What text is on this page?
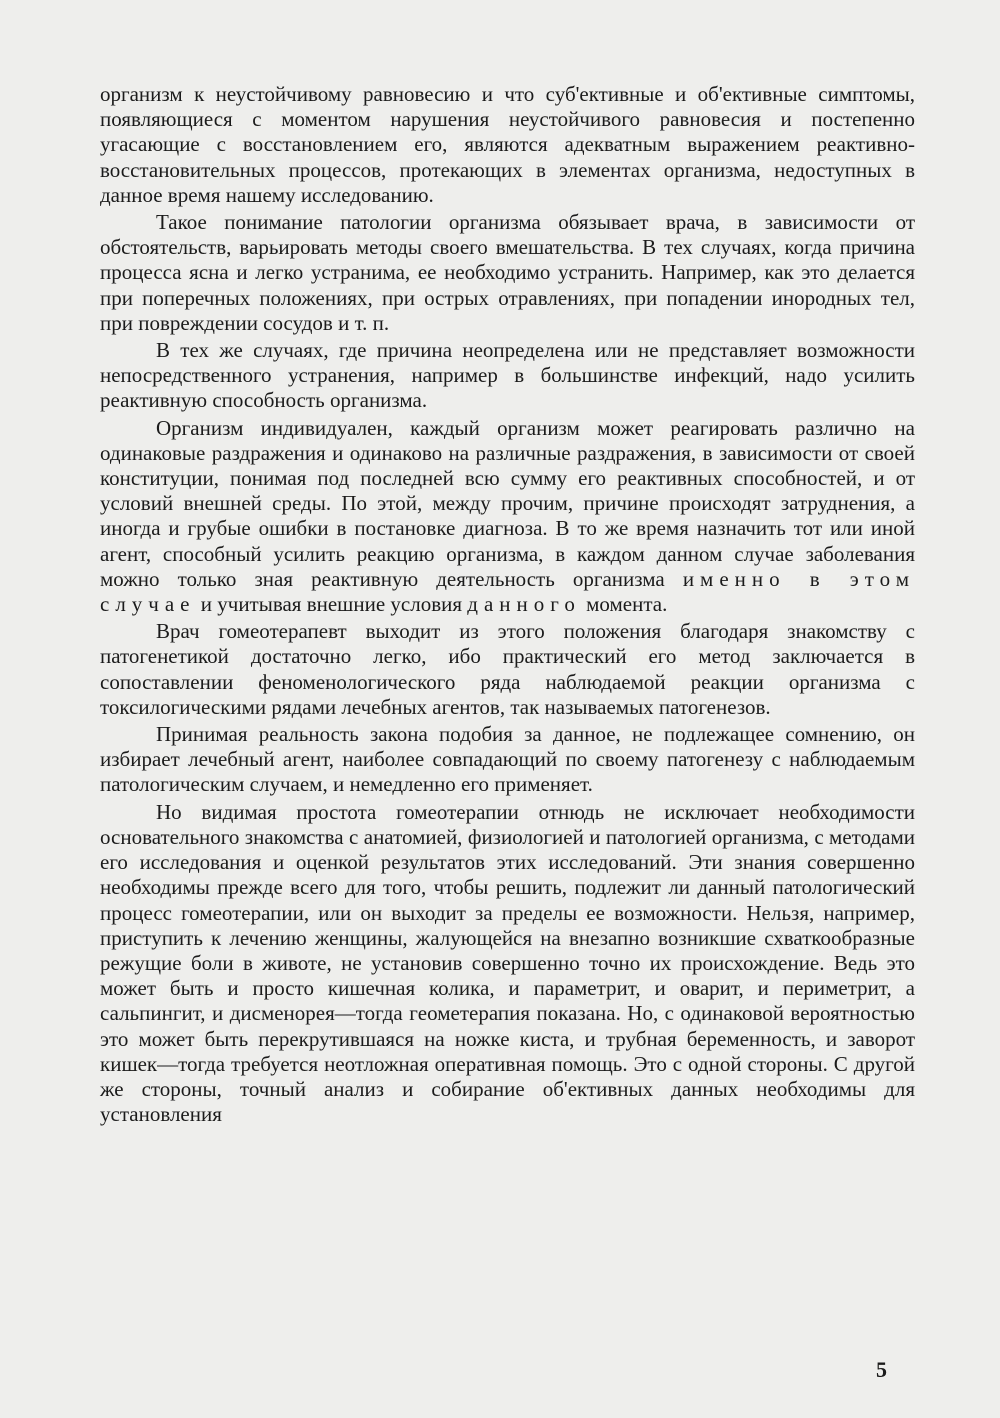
организм к неустойчивому равновесию и что суб'ективные и об'ективные симптомы, появляющиеся с моментом нарушения неустойчивого равновесия и постепенно угасающие с восстановлением его, являются адекватным выражением реактивно-восстановительных процессов, протекающих в элементах организма, недоступных в данное время нашему исследованию.

Такое понимание патологии организма обязывает врача, в зависимости от обстоятельств, варьировать методы своего вмешательства. В тех случаях, когда причина процесса ясна и легко устранима, ее необходимо устранить. Например, как это делается при поперечных положениях, при острых отравлениях, при попадении инородных тел, при повреждении сосудов и т. п.

В тех же случаях, где причина неопределена или не представляет возможности непосредственного устранения, например в большинстве инфекций, надо усилить реактивную способность организма.

Организм индивидуален, каждый организм может реагировать различно на одинаковые раздражения и одинаково на различные раздражения, в зависимости от своей конституции, понимая под последней всю сумму его реактивных способностей, и от условий внешней среды. По этой, между прочим, причине происходят затруднения, а иногда и грубые ошибки в постановке диагноза. В то же время назначить тот или иной агент, способный усилить реакцию организма, в каждом данном случае заболевания можно только зная реактивную деятельность организма именно в этом случае и учитывая внешние условия данного момента.

Врач гомеотерапевт выходит из этого положения благодаря знакомству с патогенетикой достаточно легко, ибо практический его метод заключается в сопоставлении феноменологического ряда наблюдаемой реакции организма с токсилогическими рядами лечебных агентов, так называемых патогенезов.

Принимая реальность закона подобия за данное, не подлежащее сомнению, он избирает лечебный агент, наиболее совпадающий по своему патогенезу с наблюдаемым патологическим случаем, и немедленно его применяет.

Но видимая простота гомеотерапии отнюдь не исключает необходимости основательного знакомства с анатомией, физиологией и патологией организма, с методами его исследования и оценкой результатов этих исследований. Эти знания совершенно необходимы прежде всего для того, чтобы решить, подлежит ли данный патологический процесс гомеотерапии, или он выходит за пределы ее возможности. Нельзя, например, приступить к лечению женщины, жалующейся на внезапно возникшие схваткообразные режущие боли в животе, не установив совершенно точно их происхождение. Ведь это может быть и просто кишечная колика, и параметрит, и оварит, и периметрит, а сальпингит, и дисменорея—тогда гeометерапия показана. Но, с одинаковой вероятностью это может быть перекрутившаяся на ножке киста, и трубная беременность, и заворот кишек—тогда требуется неотложная оперативная помощь. Это с одной стороны. С другой же стороны, точный анализ и собирание об'ективных данных необходимы для установления

5
